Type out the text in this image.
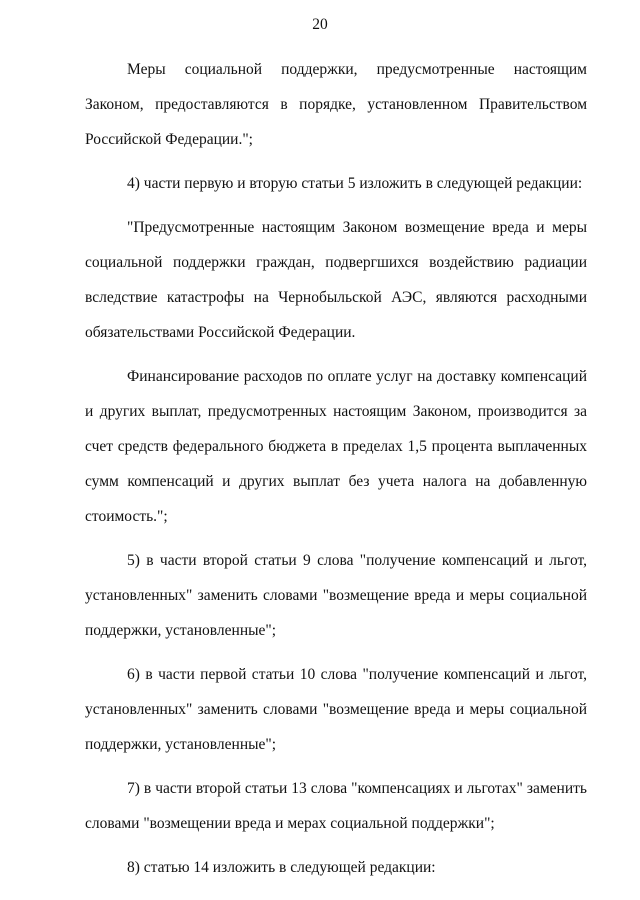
20

Меры социальной поддержки, предусмотренные настоящим Законом, предоставляются в порядке, установленном Правительством Российской Федерации.";

4) части первую и вторую статьи 5 изложить в следующей редакции:

"Предусмотренные настоящим Законом возмещение вреда и меры социальной поддержки граждан, подвергшихся воздействию радиации вследствие катастрофы на Чернобыльской АЭС, являются расходными обязательствами Российской Федерации.

Финансирование расходов по оплате услуг на доставку компенсаций и других выплат, предусмотренных настоящим Законом, производится за счет средств федерального бюджета в пределах 1,5 процента выплаченных сумм компенсаций и других выплат без учета налога на добавленную стоимость.";

5) в части второй статьи 9 слова "получение компенсаций и льгот, установленных" заменить словами "возмещение вреда и меры социальной поддержки, установленные";

6) в части первой статьи 10 слова "получение компенсаций и льгот, установленных" заменить словами "возмещение вреда и меры социальной поддержки, установленные";

7) в части второй статьи 13 слова "компенсациях и льготах" заменить словами "возмещении вреда и мерах социальной поддержки";

8) статью 14 изложить в следующей редакции:
